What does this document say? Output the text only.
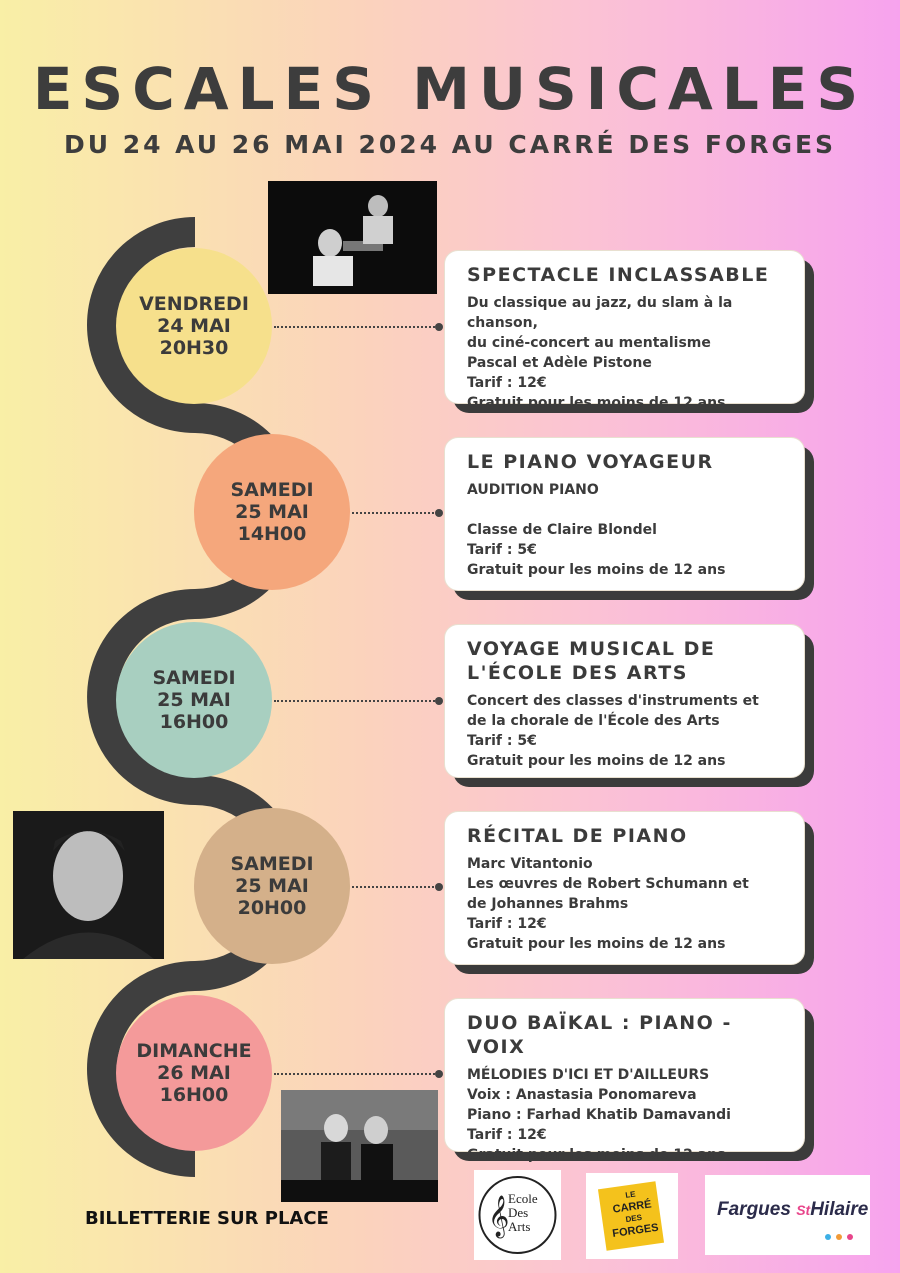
ESCALES MUSICALES
DU 24 AU 26 MAI 2024 AU CARRÉ DES FORGES
VENDREDI
24 MAI
20H30
SPECTACLE INCLASSABLE

Du classique au jazz, du slam à la chanson,

du ciné-concert au mentalisme

Pascal et Adèle Pistone

Tarif : 12€

Gratuit pour les moins de 12 ans

SAMEDI
25 MAI
14H00
LE PIANO VOYAGEUR

AUDITION PIANO

Classe de Claire Blondel

Tarif : 5€

Gratuit pour les moins de 12 ans

SAMEDI
25 MAI
16H00
VOYAGE MUSICAL DE L'ÉCOLE DES ARTS

Concert des classes d'instruments et

de la chorale de l'École des Arts

Tarif : 5€

Gratuit pour les moins de 12 ans

SAMEDI
25 MAI
20H00
RÉCITAL DE PIANO

Marc Vitantonio

Les œuvres de Robert Schumann et

de Johannes Brahms

Tarif : 12€

Gratuit pour les moins de 12 ans

DIMANCHE
26 MAI
16H00
DUO BAÏKAL : PIANO - VOIX

MÉLODIES D'ICI ET D'AILLEURS

Voix : Anastasia Ponomareva

Piano : Farhad Khatib Damavandi

Tarif : 12€

Gratuit pour les moins de 12 ans

BILLETTERIE SUR PLACE	𝄞
Ecole
Des
Arts
LE
CARRÉ
DES
FORGES
Fargues StHilaire
